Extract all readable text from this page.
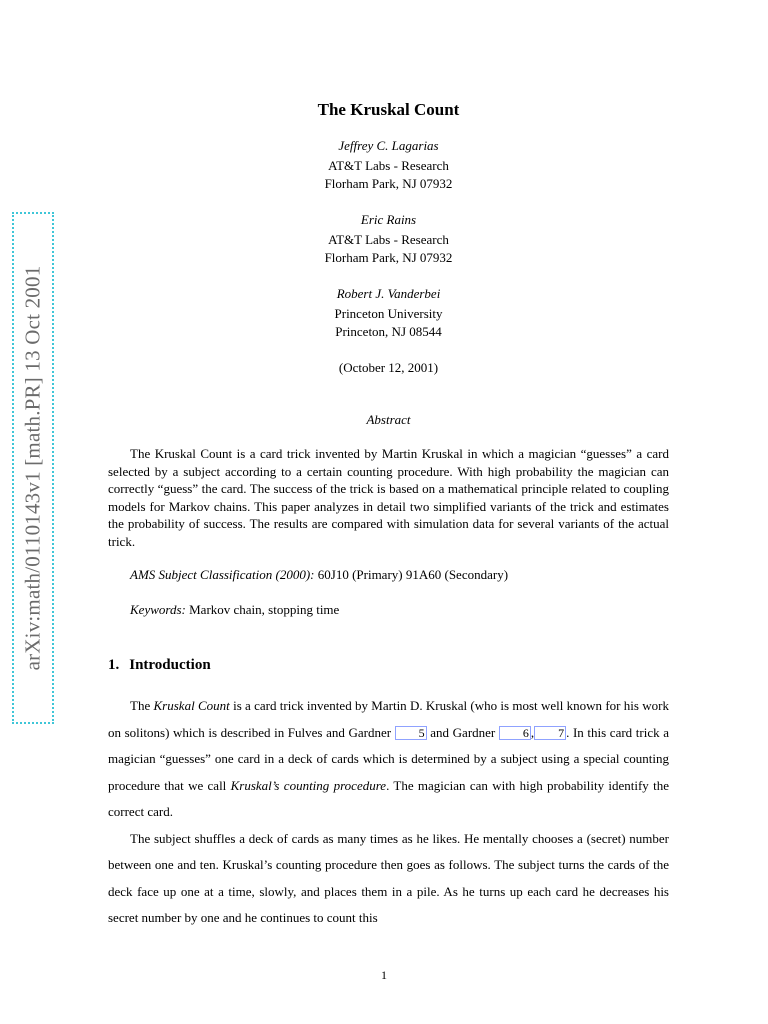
arXiv:math/0110143v1 [math.PR] 13 Oct 2001
The Kruskal Count
Jeffrey C. Lagarias
AT&T Labs - Research
Florham Park, NJ 07932
Eric Rains
AT&T Labs - Research
Florham Park, NJ 07932
Robert J. Vanderbei
Princeton University
Princeton, NJ 08544
(October 12, 2001)
Abstract
The Kruskal Count is a card trick invented by Martin Kruskal in which a magician “guesses” a card selected by a subject according to a certain counting procedure. With high probability the magician can correctly “guess” the card. The success of the trick is based on a mathematical principle related to coupling models for Markov chains. This paper analyzes in detail two simplified variants of the trick and estimates the probability of success. The results are compared with simulation data for several variants of the actual trick.
AMS Subject Classification (2000): 60J10 (Primary) 91A60 (Secondary)
Keywords: Markov chain, stopping time
1. Introduction

The Kruskal Count is a card trick invented by Martin D. Kruskal (who is most well known for his work on solitons) which is described in Fulves and Gardner 5 and Gardner 6 , 7 . In this card trick a magician “guesses” one card in a deck of cards which is determined by a subject using a special counting procedure that we call Kruskal’s counting procedure. The magician can with high probability identify the correct card.

The subject shuffles a deck of cards as many times as he likes. He mentally chooses a (secret) number between one and ten. Kruskal’s counting procedure then goes as follows. The subject turns the cards of the deck face up one at a time, slowly, and places them in a pile. As he turns up each card he decreases his secret number by one and he continues to count this

1
